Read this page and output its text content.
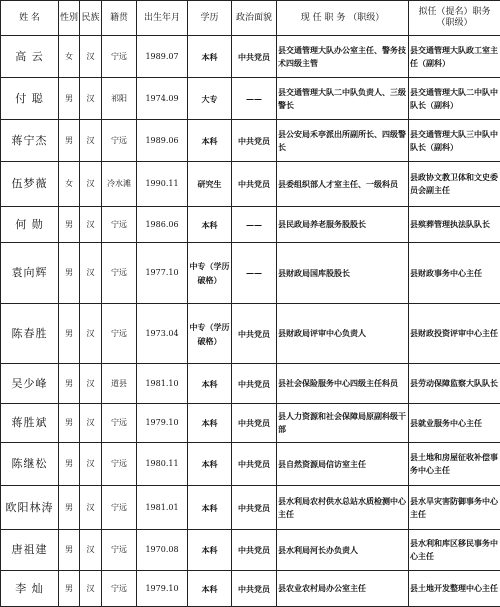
姓 名	性别	民族	籍贯	出生年月	学历	政治面貌	现 任 职 务 （职级）	拟任（提名）职务（职级）
高 云	女	汉	宁远	1989.07	本科	中共党员	县交通管理大队办公室主任、警务技术四级主管	县交通管理大队政工室主任（副科）
付 聪	男	汉	祁阳	1974.09	大专	——	县交通管理大队二中队负责人、三级警长	县交通管理大队二中队中队长（副科）
蒋宁杰	男	汉	宁远	1989.06	本科	中共党员	县公安局禾亭派出所副所长、四级警长	县交通管理大队三中队中队长（副科）
伍梦薇	女	汉	冷水滩	1990.11	研究生	中共党员	县委组织部人才室主任、一级科员	县政协文教卫体和文史委员会副主任
何 勋	男	汉	宁远	1986.06	本科	——	县民政局养老服务股股长	县殡葬管理执法队队长
袁向辉	男	汉	宁远	1977.10	中专（学历破格）	——	县财政局国库股股长	县财政事务中心主任
陈春胜	男	汉	宁远	1973.04	中专（学历破格）	中共党员	县财政局评审中心负责人	县财政投资评审中心主任
吴少峰	男	汉	道县	1981.10	本科	中共党员	县社会保险服务中心四级主任科员	县劳动保障监察大队队长
蒋胜斌	男	汉	宁远	1979.10	本科	中共党员	县人力资源和社会保障局原副科级干部	县就业服务中心主任
陈继松	男	汉	宁远	1980.11	本科	中共党员	县自然资源局信访室主任	县土地和房屋征收补偿事务中心主任
欧阳林涛	男	汉	宁远	1981.01	本科	中共党员	县水利局农村供水总站水质检测中心主任	县水旱灾害防御事务中心主任
唐祖建	男	汉	宁远	1970.08	本科	中共党员	县水利局河长办负责人	县水利和库区移民事务中心主任
李 灿	男	汉	宁远	1979.10	本科	中共党员	县农业农村局办公室主任	县土地开发整理中心主任
